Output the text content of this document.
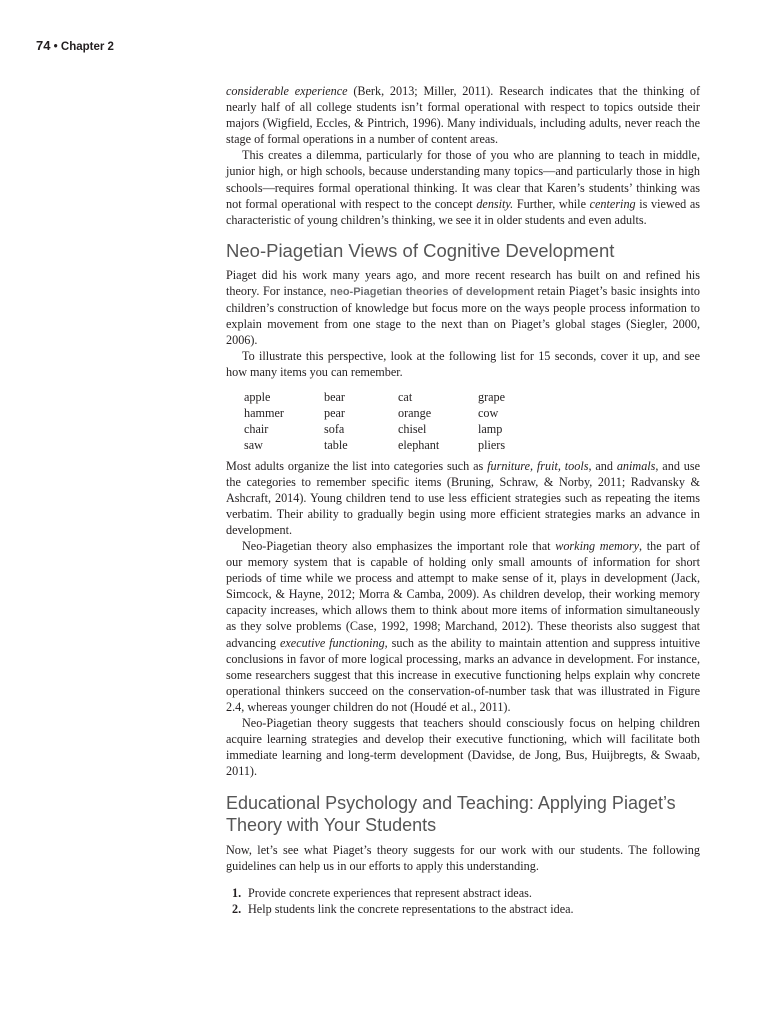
74 • Chapter 2

considerable experience (Berk, 2013; Miller, 2011). Research indicates that the thinking of nearly half of all college students isn’t formal operational with respect to topics outside their majors (Wigfield, Eccles, & Pintrich, 1996). Many individuals, including adults, never reach the stage of formal operations in a number of content areas.

This creates a dilemma, particularly for those of you who are planning to teach in middle, junior high, or high schools, because understanding many topics—and particularly those in high schools—requires formal operational thinking. It was clear that Karen’s students’ thinking was not formal operational with respect to the concept density. Further, while centering is viewed as characteristic of young children’s thinking, we see it in older students and even adults.

Neo-Piagetian Views of Cognitive Development

Piaget did his work many years ago, and more recent research has built on and refined his theory. For instance, neo-Piagetian theories of development retain Piaget’s basic insights into children’s construction of knowledge but focus more on the ways people process information to explain movement from one stage to the next than on Piaget’s global stages (Siegler, 2000, 2006).

To illustrate this perspective, look at the following list for 15 seconds, cover it up, and see how many items you can remember.

apple	bear	cat	grape
hammer	pear	orange	cow
chair	sofa	chisel	lamp
saw	table	elephant	pliers

Most adults organize the list into categories such as furniture, fruit, tools, and animals, and use the categories to remember specific items (Bruning, Schraw, & Norby, 2011; Radvansky & Ashcraft, 2014). Young children tend to use less efficient strategies such as repeating the items verbatim. Their ability to gradually begin using more efficient strategies marks an advance in development.

Neo-Piagetian theory also emphasizes the important role that working memory, the part of our memory system that is capable of holding only small amounts of information for short periods of time while we process and attempt to make sense of it, plays in development (Jack, Simcock, & Hayne, 2012; Morra & Camba, 2009). As children develop, their working memory capacity increases, which allows them to think about more items of information simultaneously as they solve problems (Case, 1992, 1998; Marchand, 2012). These theorists also suggest that advancing executive functioning, such as the ability to maintain attention and suppress intuitive conclusions in favor of more logical processing, marks an advance in development. For instance, some researchers suggest that this increase in executive functioning helps explain why concrete operational thinkers succeed on the conservation-of-number task that was illustrated in Figure 2.4, whereas younger children do not (Houdé et al., 2011).

Neo-Piagetian theory suggests that teachers should consciously focus on helping children acquire learning strategies and develop their executive functioning, which will facilitate both immediate learning and long-term development (Davidse, de Jong, Bus, Huijbregts, & Swaab, 2011).

Educational Psychology and Teaching: Applying Piaget’s Theory with Your Students

Now, let’s see what Piaget’s theory suggests for our work with our students. The following guidelines can help us in our efforts to apply this understanding.

1. Provide concrete experiences that represent abstract ideas.
2. Help students link the concrete representations to the abstract idea.
